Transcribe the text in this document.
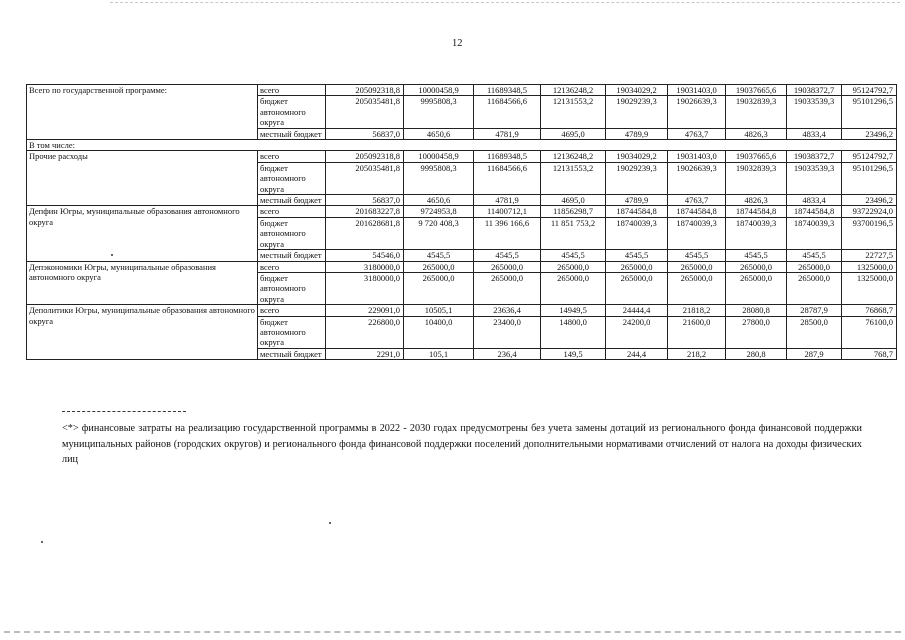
12
Всего по государственной программе:	всего	205092318,8	10000458,9	11689348,5	12136248,2	19034029,2	19031403,0	19037665,6	19038372,7	95124792,7
	бюджет автономного округа	205035481,8	9995808,3	11684566,6	12131553,2	19029239,3	19026639,3	19032839,3	19033539,3	95101296,5
	местный бюджет	56837,0	4650,6	4781,9	4695,0	4789,9	4763,7	4826,3	4833,4	23496,2
В том числе:										
Прочие расходы	всего	205092318,8	10000458,9	11689348,5	12136248,2	19034029,2	19031403,0	19037665,6	19038372,7	95124792,7
	бюджет автономного округа	205035481,8	9995808,3	11684566,6	12131553,2	19029239,3	19026639,3	19032839,3	19033539,3	95101296,5
	местный бюджет	56837,0	4650,6	4781,9	4695,0	4789,9	4763,7	4826,3	4833,4	23496,2
Депфин Югры, муниципальные образования автономного округа	всего	201683227,8	9724953,8	11400712,1	11856298,7	18744584,8	18744584,8	18744584,8	18744584,8	93722924,0
	бюджет автономного округа	201628681,8	9 720 408,3	11 396 166,6	11 851 753,2	18740039,3	18740039,3	18740039,3	18740039,3	93700196,5
	местный бюджет	54546,0	4545,5	4545,5	4545,5	4545,5	4545,5	4545,5	4545,5	22727,5
Депэкономики Югры, муниципальные образования автономного округа	всего	3180000,0	265000,0	265000,0	265000,0	265000,0	265000,0	265000,0	265000,0	1325000,0
	бюджет автономного округа	3180000,0	265000,0	265000,0	265000,0	265000,0	265000,0	265000,0	265000,0	1325000,0
Деполитики Югры, муниципальные образования автономного округа	всего	229091,0	10505,1	23636,4	14949,5	24444,4	21818,2	28080,8	28787,9	76868,7
	бюджет автономного округа	226800,0	10400,0	23400,0	14800,0	24200,0	21600,0	27800,0	28500,0	76100,0
	местный бюджет	2291,0	105,1	236,4	149,5	244,4	218,2	280,8	287,9	768,7
<*> финансовые затраты на реализацию государственной программы в 2022 - 2030 годах предусмотрены без учета замены дотаций из регионального фонда финансовой поддержки муниципальных районов (городских округов) и регионального фонда финансовой поддержки поселений дополнительными нормативами отчислений от налога на доходы физических лиц
